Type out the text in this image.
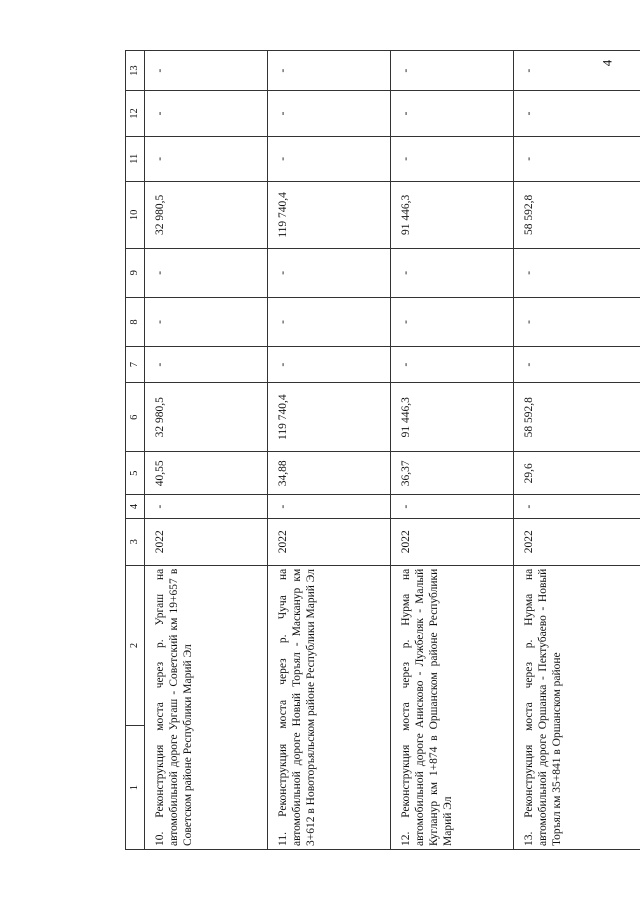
4
1	2	3	4	5	6	7	8	9	10	11	12	13
10. Реконструкция моста через р. Ургаш на автомобильной дороге Ургаш - Советский км 19+657 в Советском районе Республики Марий Эл		2022	-	40,55	32 980,5	-	-	-	32 980,5	-	-	-

11. Реконструкция моста через р. Чуча на автомобильной дороге Новый Торъял - Маскануp км 3+612 в Новоторъяльском районе Республики Марий Эл		2022	-	34,88	119 740,4	-	-	-	119 740,4	-	-	-

12. Реконструкция моста через р. Нурма на автомобильной дороге Анисково - Лужбеляк - Малый Кугланур км 1+874 в Оршанском районе Республики Марий Эл		2022	-	36,37	91 446,3	-	-	-	91 446,3	-	-	-

13. Реконструкция моста через р. Нурма на автомобильной дороге Оршанка - Пектубаево - Новый Торъял км 35+841 в Оршанском районе		2022	-	29,6	58 592,8	-	-	-	58 592,8	-	-	-
